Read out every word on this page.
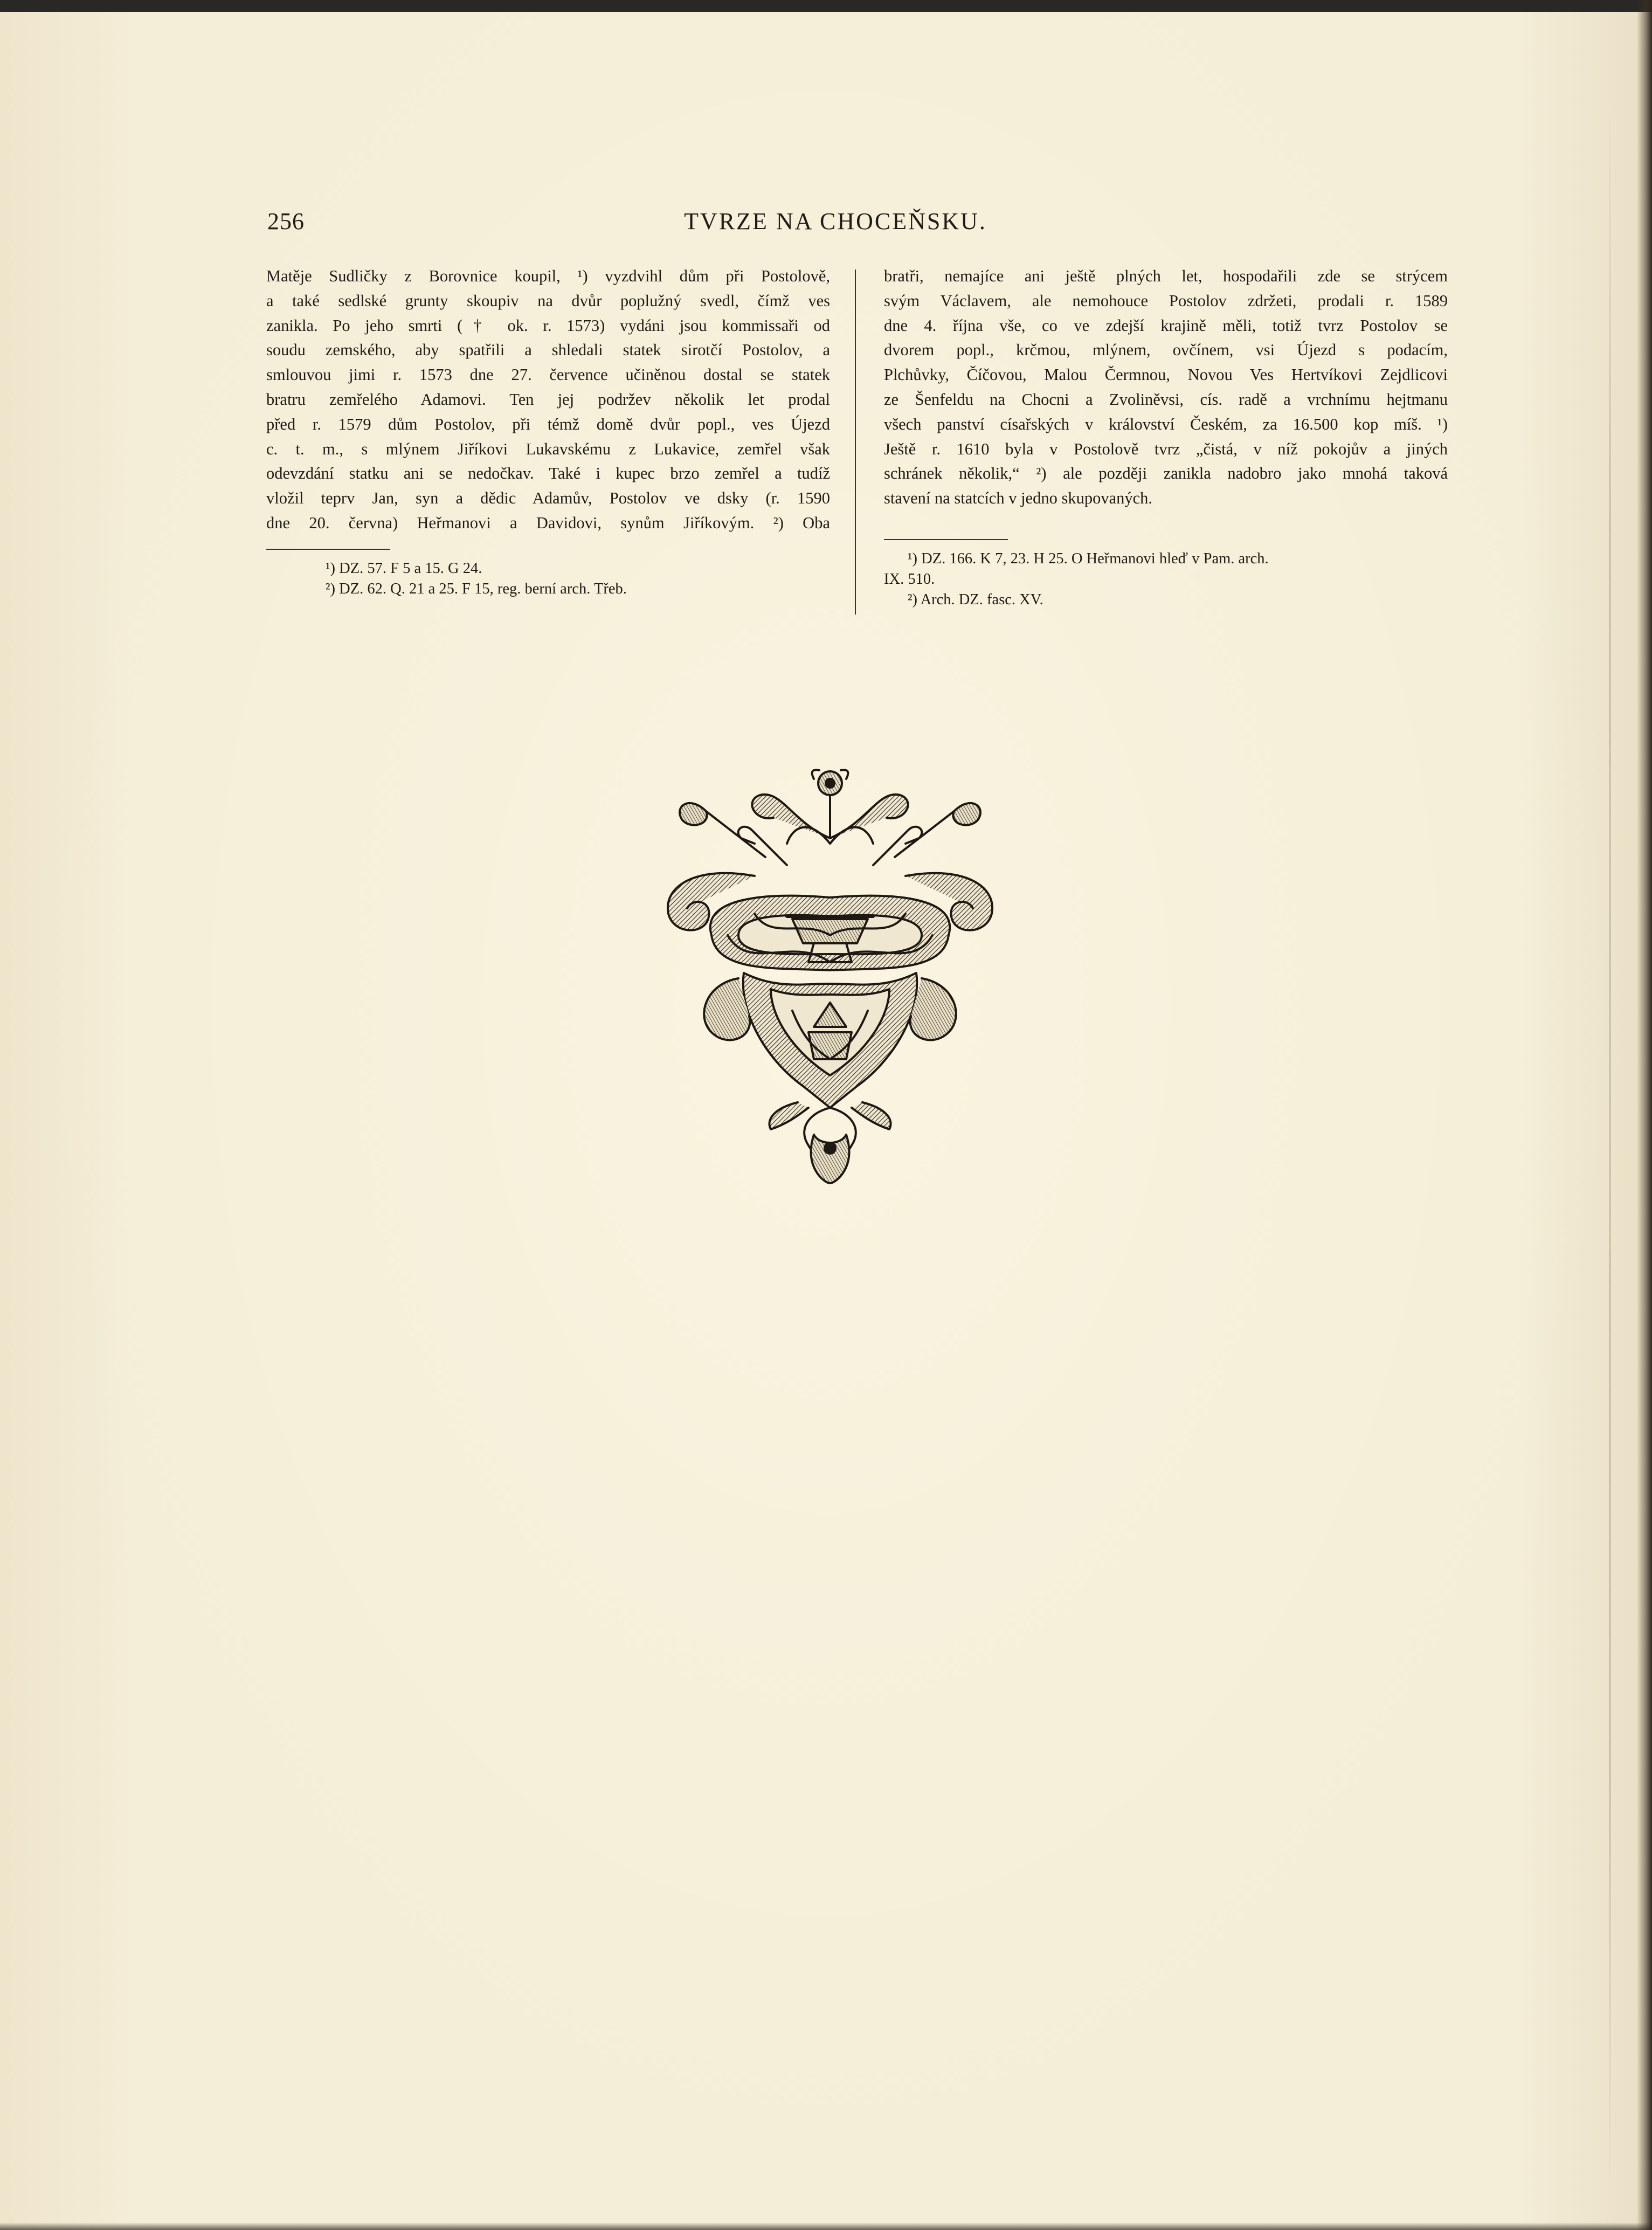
256	TVRZE NA CHOCEŇSKU.
Matěje Sudličky z Borovnice koupil, ¹) vyzdvihl dům při Postolově,
a také sedlské grunty skoupiv na dvůr poplužný svedl, čímž ves
zanikla. Po jeho smrti († ok. r. 1573) vydáni jsou kommissaři od
soudu zemského, aby spatřili a shledali statek sirotčí Postolov, a
smlouvou jimi r. 1573 dne 27. července učiněnou dostal se statek
bratru zemřelého Adamovi. Ten jej podržev několik let prodal
před r. 1579 dům Postolov, při témž domě dvůr popl., ves Újezd
c. t. m., s mlýnem Jiříkovi Lukavskému z Lukavice, zemřel však
odevzdání statku ani se nedočkav. Také i kupec brzo zemřel a tudíž
vložil teprv Jan, syn a dědic Adamův, Postolov ve dsky (r. 1590
dne 20. června) Heřmanovi a Davidovi, synům Jiříkovým. ²) Oba

¹) DZ. 57. F 5 a 15. G 24.

²) DZ. 62. Q. 21 a 25. F 15, reg. berní arch. Třeb.

bratři, nemajíce ani ještě plných let, hospodařili zde se strýcem
svým Václavem, ale nemohouce Postolov zdržeti, prodali r. 1589
dne 4. října vše, co ve zdejší krajině měli, totiž tvrz Postolov se
dvorem popl., krčmou, mlýnem, ovčínem, vsi Újezd s podacím,
Plchůvky, Číčovou, Malou Čermnou, Novou Ves Hertvíkovi Zejdlicovi
ze Šenfeldu na Chocni a Zvoliněvsi, cís. radě a vrchnímu hejtmanu
všech panství císařských v království Českém, za 16.500 kop míš. ¹)
Ještě r. 1610 byla v Postolově tvrz „čistá, v níž pokojův a jiných
schránek několik,“ ²) ale později zanikla nadobro jako mnohá taková
stavení na statcích v jedno skupovaných.

¹) DZ. 166. K 7, 23. H 25. O Heřmanovi hleď v Pam. arch.

IX. 510.

²) Arch. DZ. fasc. XV.
